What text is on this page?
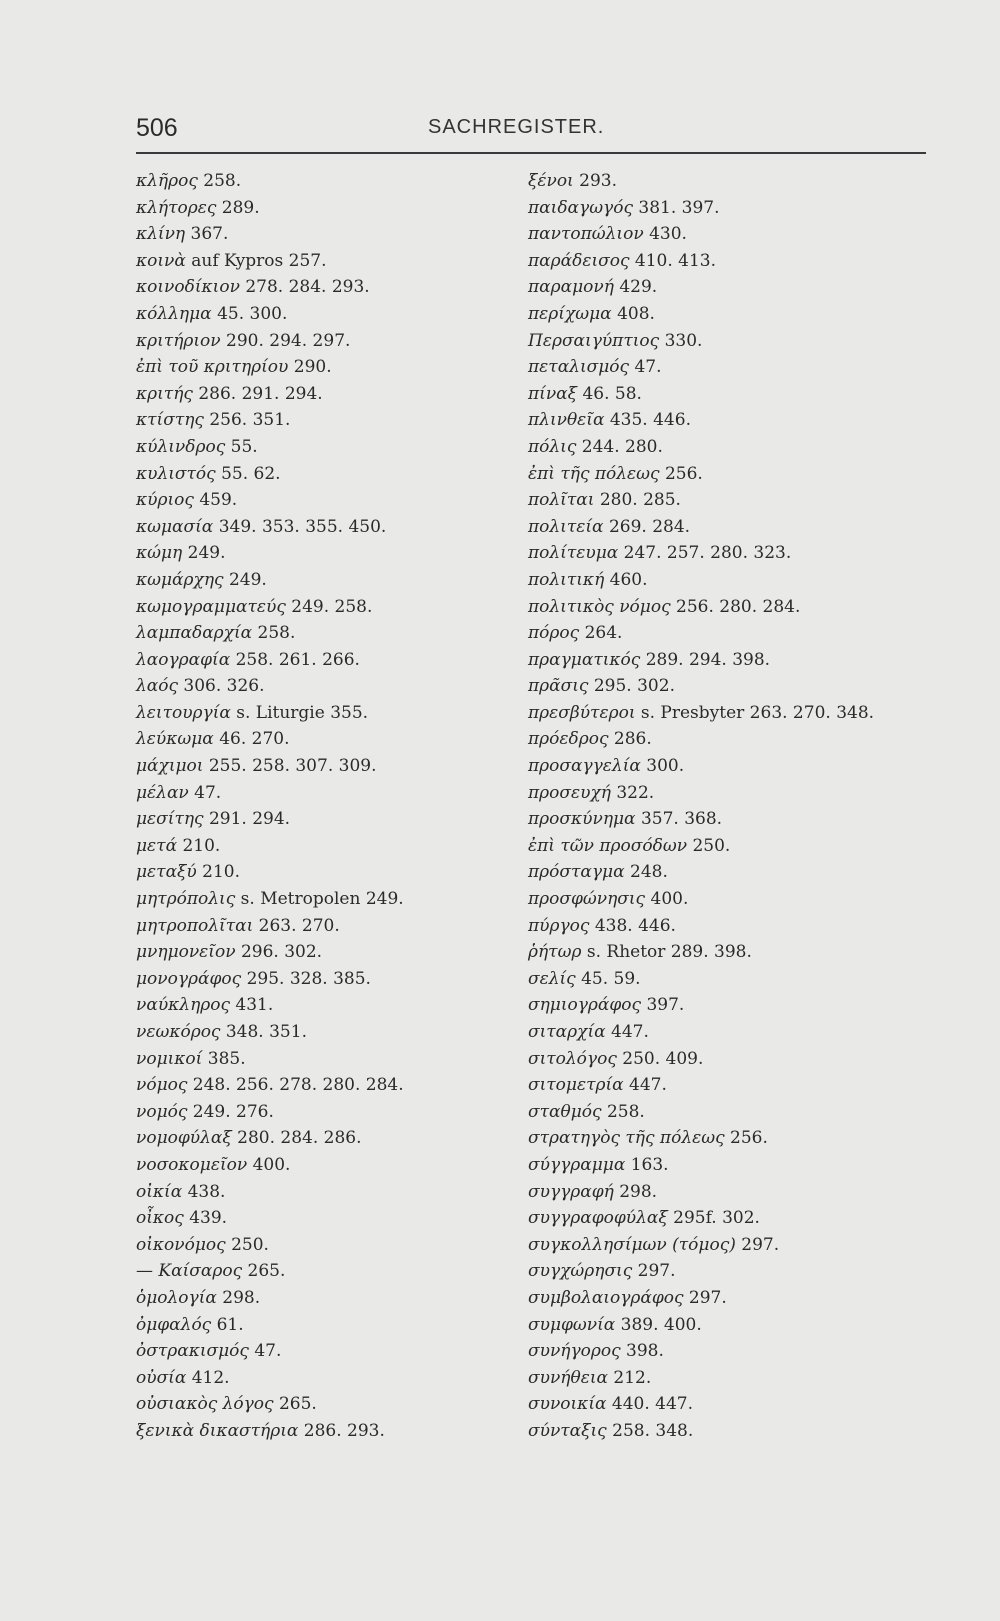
506	SACHREGISTER.
κλῆρος 258.
κλήτορες 289.
κλίνη 367.
κοινὰ auf Kypros 257.
κοινοδίκιον 278. 284. 293.
κόλλημα 45. 300.
κριτήριον 290. 294. 297.
ἐπὶ τοῦ κριτηρίου 290.
κριτής 286. 291. 294.
κτίστης 256. 351.
κύλινδρος 55.
κυλιστός 55. 62.
κύριος 459.
κωμασία 349. 353. 355. 450.
κώμη 249.
κωμάρχης 249.
κωμογραμματεύς 249. 258.
λαμπαδαρχία 258.
λαογραφία 258. 261. 266.
λαός 306. 326.
λειτουργία s. Liturgie 355.
λεύκωμα 46. 270.
μάχιμοι 255. 258. 307. 309.
μέλαν 47.
μεσίτης 291. 294.
μετά 210.
μεταξύ 210.
μητρόπολις s. Metropolen 249.
μητροπολῖται 263. 270.
μνημονεῖον 296. 302.
μονογράφος 295. 328. 385.
ναύκληρος 431.
νεωκόρος 348. 351.
νομικοί 385.
νόμος 248. 256. 278. 280. 284.
νομός 249. 276.
νομοφύλαξ 280. 284. 286.
νοσοκομεῖον 400.
οἰκία 438.
οἶκος 439.
οἰκονόμος 250.
— Καίσαρος 265.
ὁμολογία 298.
ὀμφαλός 61.
ὀστρακισμός 47.
οὐσία 412.
οὐσιακὸς λόγος 265.
ξενικὰ δικαστήρια 286. 293.
ξένοι 293.
παιδαγωγός 381. 397.
παντοπώλιον 430.
παράδεισος 410. 413.
παραμονή 429.
περίχωμα 408.
Περσαιγύπτιος 330.
πεταλισμός 47.
πίναξ 46. 58.
πλινθεῖα 435. 446.
πόλις 244. 280.
ἐπὶ τῆς πόλεως 256.
πολῖται 280. 285.
πολιτεία 269. 284.
πολίτευμα 247. 257. 280. 323.
πολιτική 460.
πολιτικὸς νόμος 256. 280. 284.
πόρος 264.
πραγματικός 289. 294. 398.
πρᾶσις 295. 302.
πρεσβύτεροι s. Presbyter 263. 270. 348.
πρόεδρος 286.
προσαγγελία 300.
προσευχή 322.
προσκύνημα 357. 368.
ἐπὶ τῶν προσόδων 250.
πρόσταγμα 248.
προσφώνησις 400.
πύργος 438. 446.
ῥήτωρ s. Rhetor 289. 398.
σελίς 45. 59.
σημιογράφος 397.
σιταρχία 447.
σιτολόγος 250. 409.
σιτομετρία 447.
σταθμός 258.
στρατηγὸς τῆς πόλεως 256.
σύγγραμμα 163.
συγγραφή 298.
συγγραφοφύλαξ 295f. 302.
συγκολλησίμων (τόμος) 297.
συγχώρησις 297.
συμβολαιογράφος 297.
συμφωνία 389. 400.
συνήγορος 398.
συνήθεια 212.
συνοικία 440. 447.
σύνταξις 258. 348.
